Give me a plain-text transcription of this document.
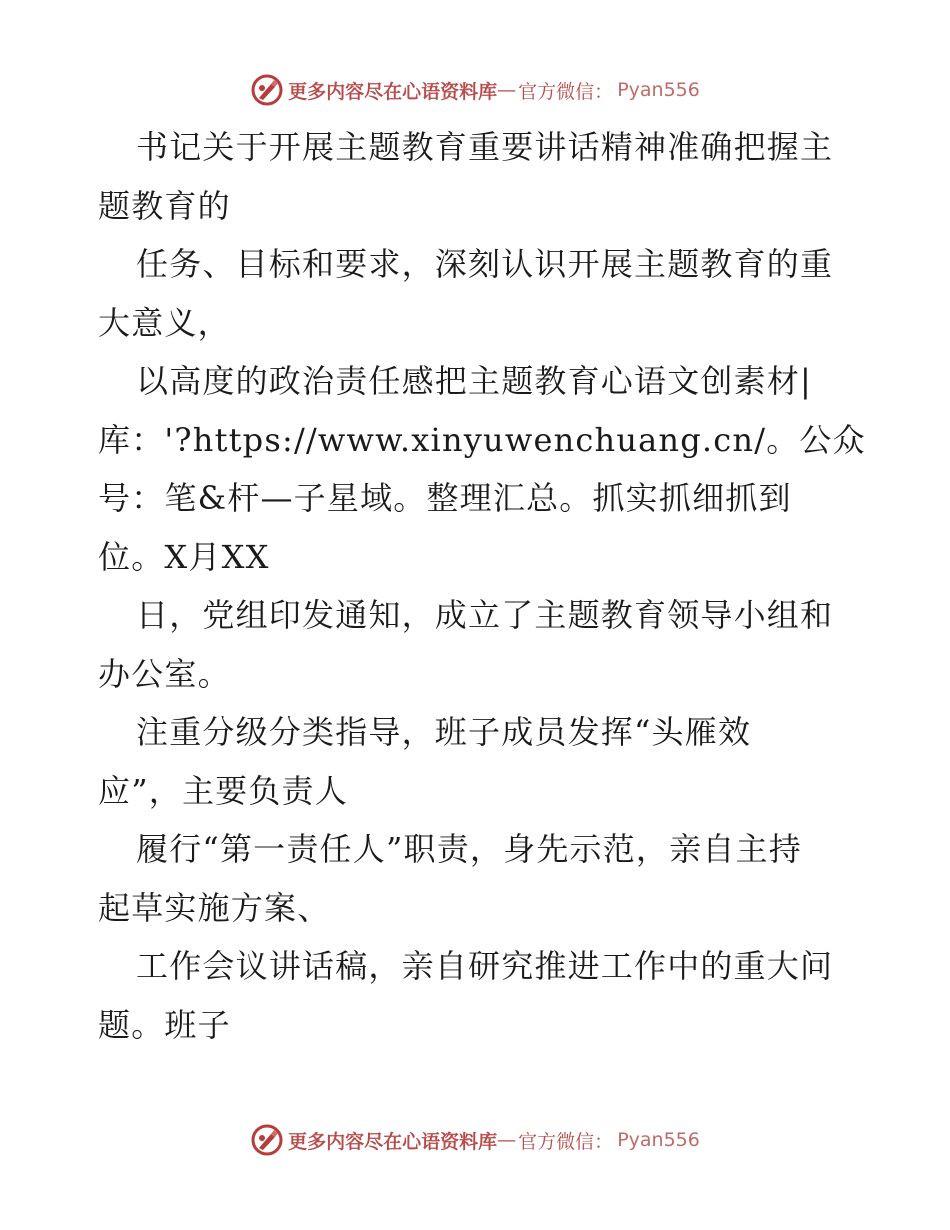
更多内容尽在心语资料库 — 官方微信： Pyan556
书记关于开展主题教育重要讲话精神准确把握主
题教育的
任务、目标和要求，深刻认识开展主题教育的重
大意义，
以高度的政治责任感把主题教育心语文创素材|
库：'?https://www.xinyuwenchuang.cn/。公众
号：笔&杆—子星域。整理汇总。抓实抓细抓到
位。X月XX
日，党组印发通知，成立了主题教育领导小组和
办公室。
注重分级分类指导，班子成员发挥“头雁效
应”，主要负责人
履行“第一责任人”职责，身先示范，亲自主持
起草实施方案、
工作会议讲话稿，亲自研究推进工作中的重大问
题。班子
更多内容尽在心语资料库 — 官方微信： Pyan556
